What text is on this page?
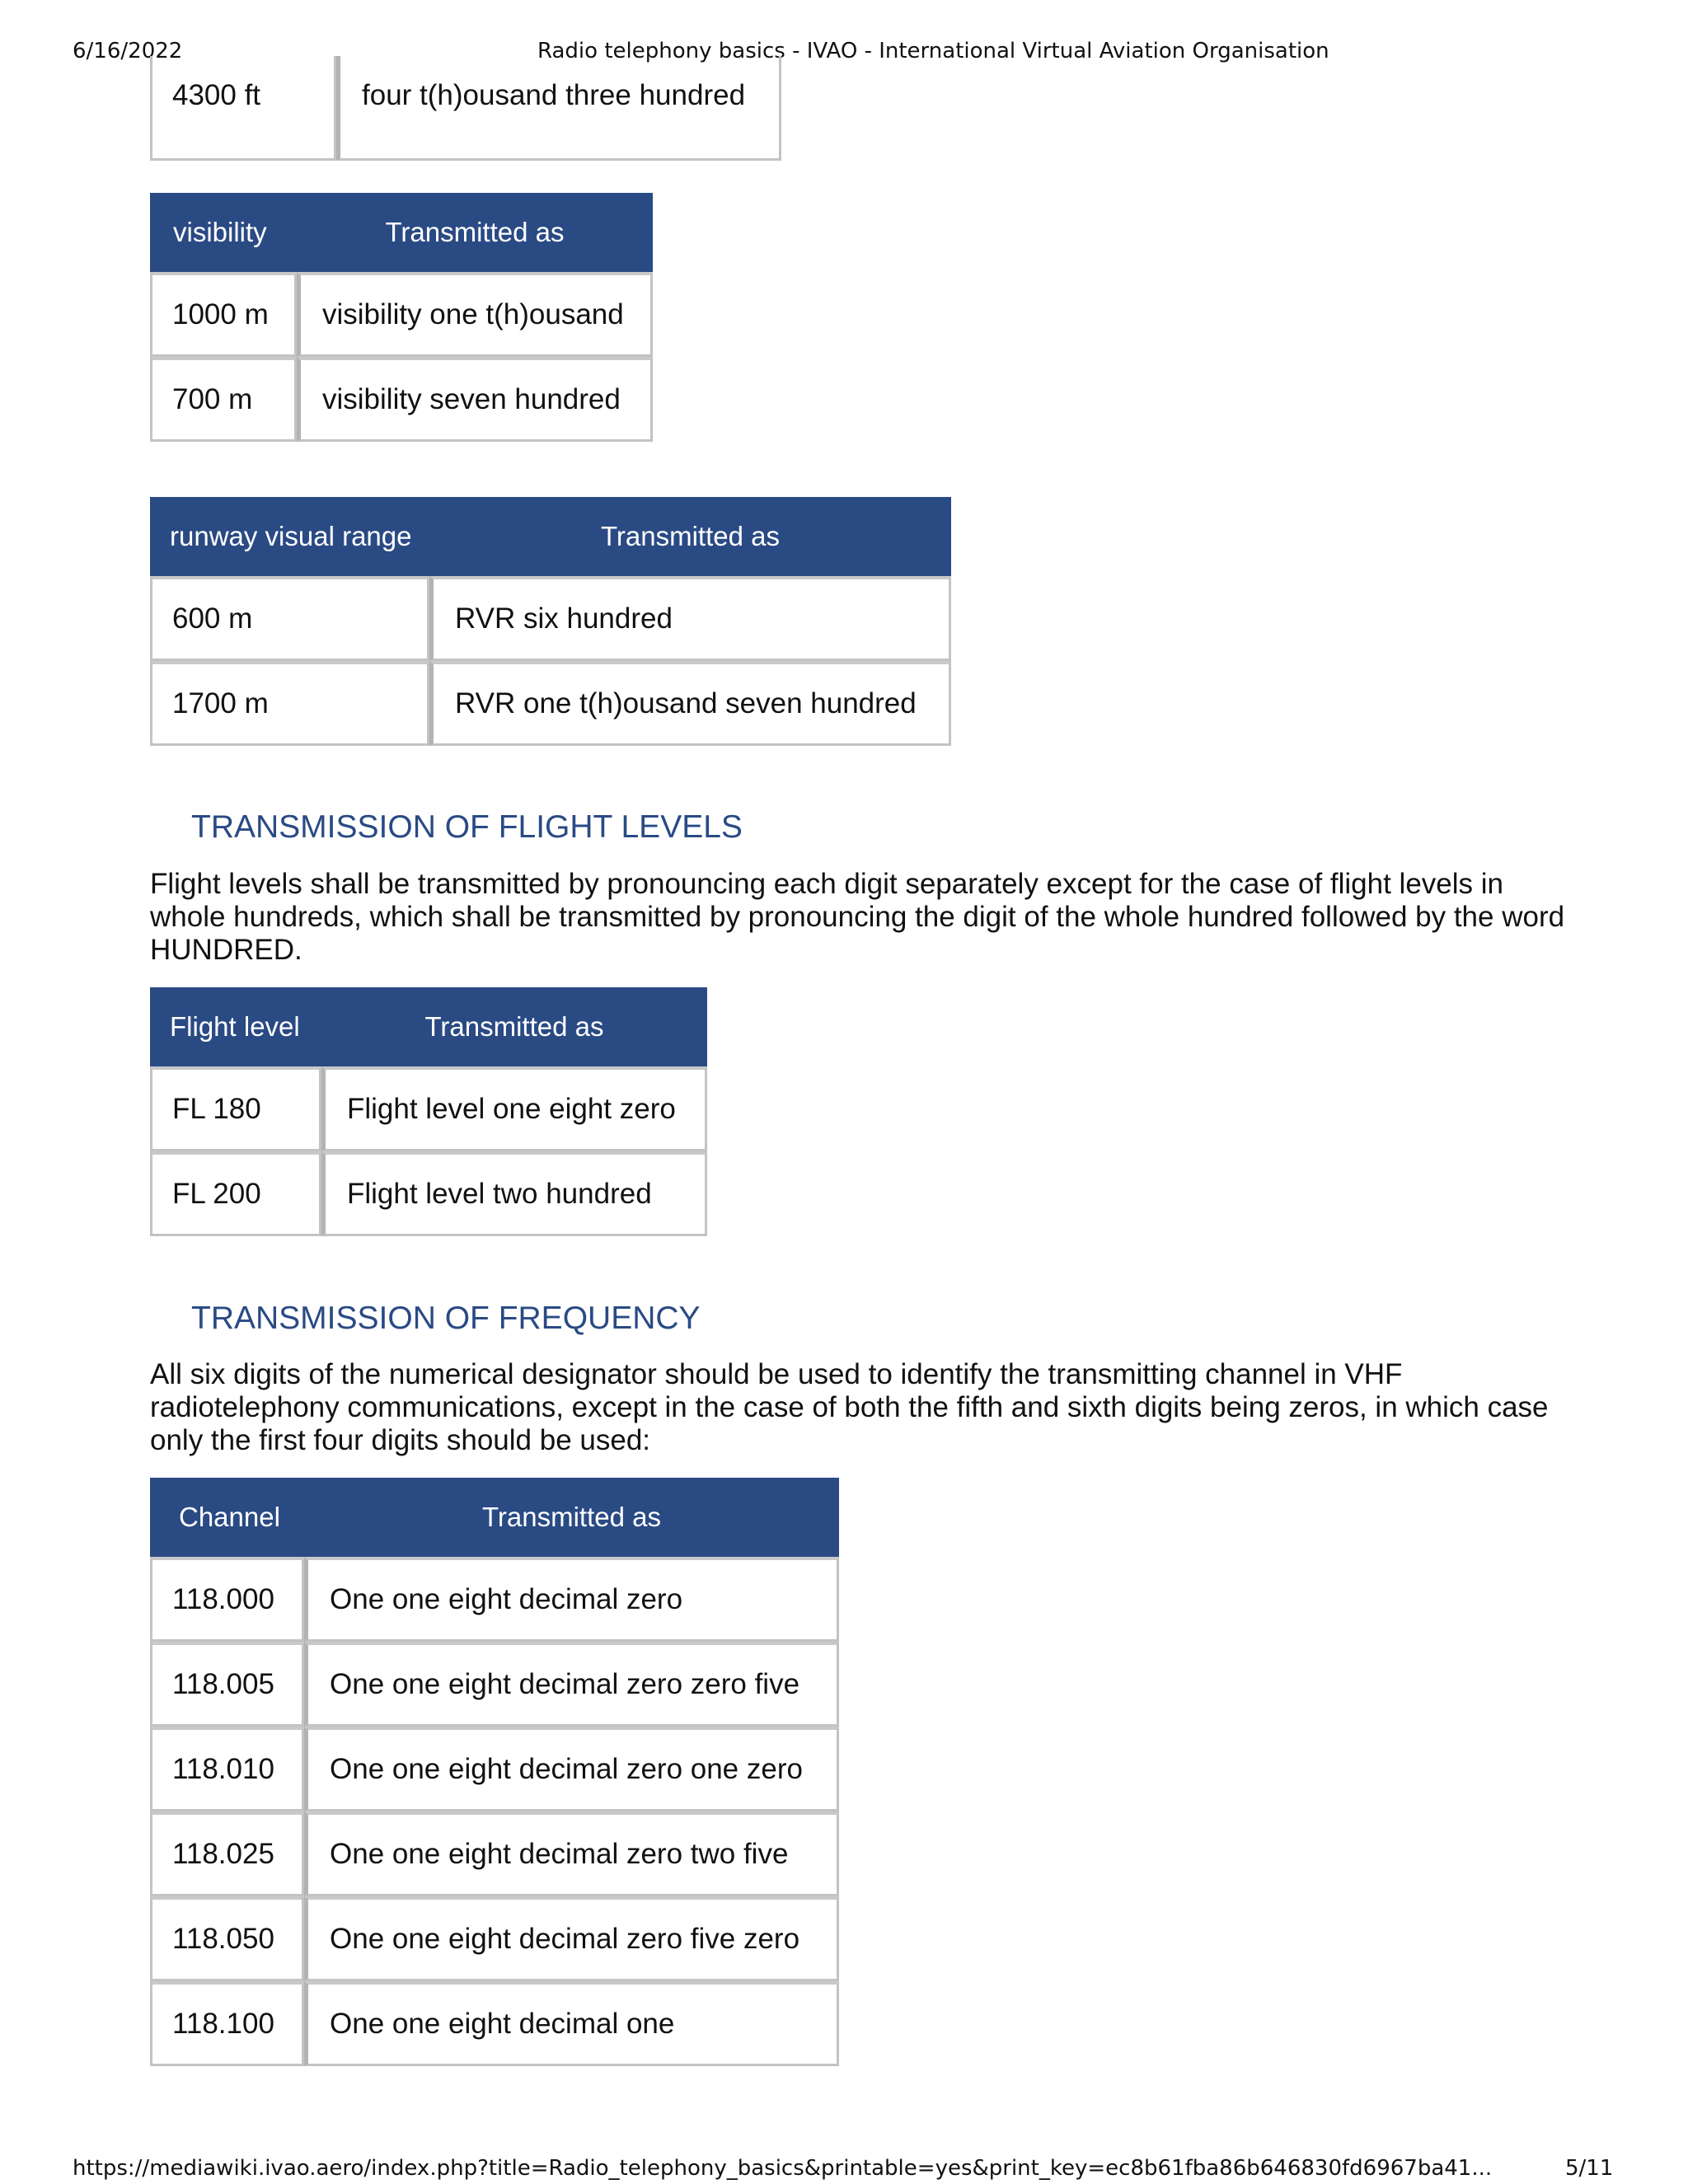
6/16/2022	Radio telephony basics - IVAO - International Virtual Aviation Organisation
4300 ft	four t(h)ousand three hundred
visibility	Transmitted as
1000 m	visibility one t(h)ousand
700 m	visibility seven hundred
runway visual range	Transmitted as
600 m	RVR six hundred
1700 m	RVR one t(h)ousand seven hundred
TRANSMISSION OF FLIGHT LEVELS

Flight levels shall be transmitted by pronouncing each digit separately except for the case of flight levels in whole hundreds, which shall be transmitted by pronouncing the digit of the whole hundred followed by the word HUNDRED.

Flight level	Transmitted as
FL 180	Flight level one eight zero
FL 200	Flight level two hundred
TRANSMISSION OF FREQUENCY

All six digits of the numerical designator should be used to identify the transmitting channel in VHF radiotelephony communications, except in the case of both the fifth and sixth digits being zeros, in which case only the first four digits should be used:

Channel	Transmitted as
118.000	One one eight decimal zero
118.005	One one eight decimal zero zero five
118.010	One one eight decimal zero one zero
118.025	One one eight decimal zero two five
118.050	One one eight decimal zero five zero
118.100	One one eight decimal one
https://mediawiki.ivao.aero/index.php?title=Radio_telephony_basics&printable=yes&print_key=ec8b61fba86b646830fd6967ba41...	5/11
